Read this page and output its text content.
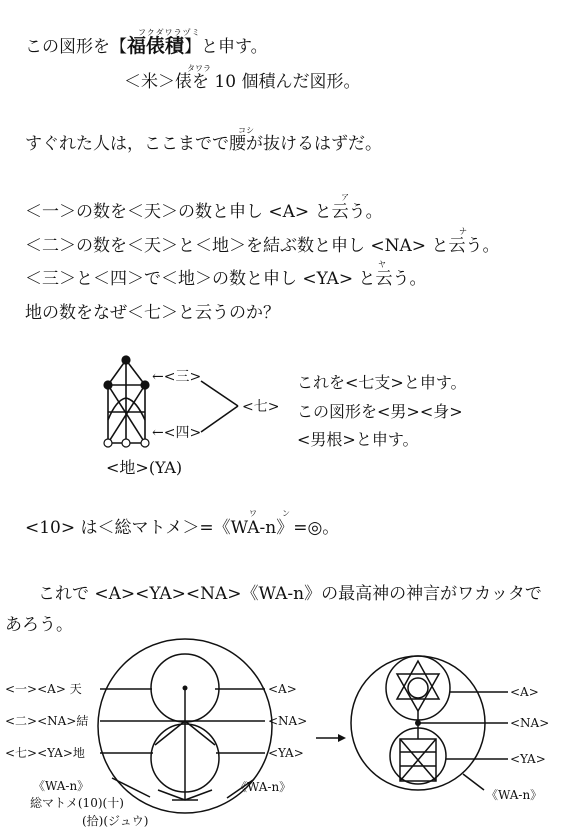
この図形を【福俵積】と申す。
フクダワラヅミ
＜米＞俵を 10 個積んだ図形。
タワラ
すぐれた人は，ここまでで腰が抜けるはずだ。
コシ
＜一＞の数を＜天＞の数と申し <A> と云う。
ア
＜二＞の数を＜天＞と＜地＞を結ぶ数と申し <NA> と云う。
ナ
＜三＞と＜四＞で＜地＞の数と申し <YA> と云う。
ヤ
地の数をなぜ＜七＞と云うのか？
←<三>
←<四>
<七>
<地>(YA)
これを<七支>と申す。
この図形を<男><身>
<男根>と申す。
<10> は＜総マトメ＞=《WA-n》=◎。
ワ	ン
これで <A><YA><NA>《WA-n》の最高神の神言がワカッタで
あろう。
<一><A> 天
<二><NA>結
<七><YA>地
<A>
<NA>
<YA>
《WA-n》
《WA-n》
総マトメ(10)(十)
(拾)(ジュウ)
<A>
<NA>
<YA>
《WA-n》
